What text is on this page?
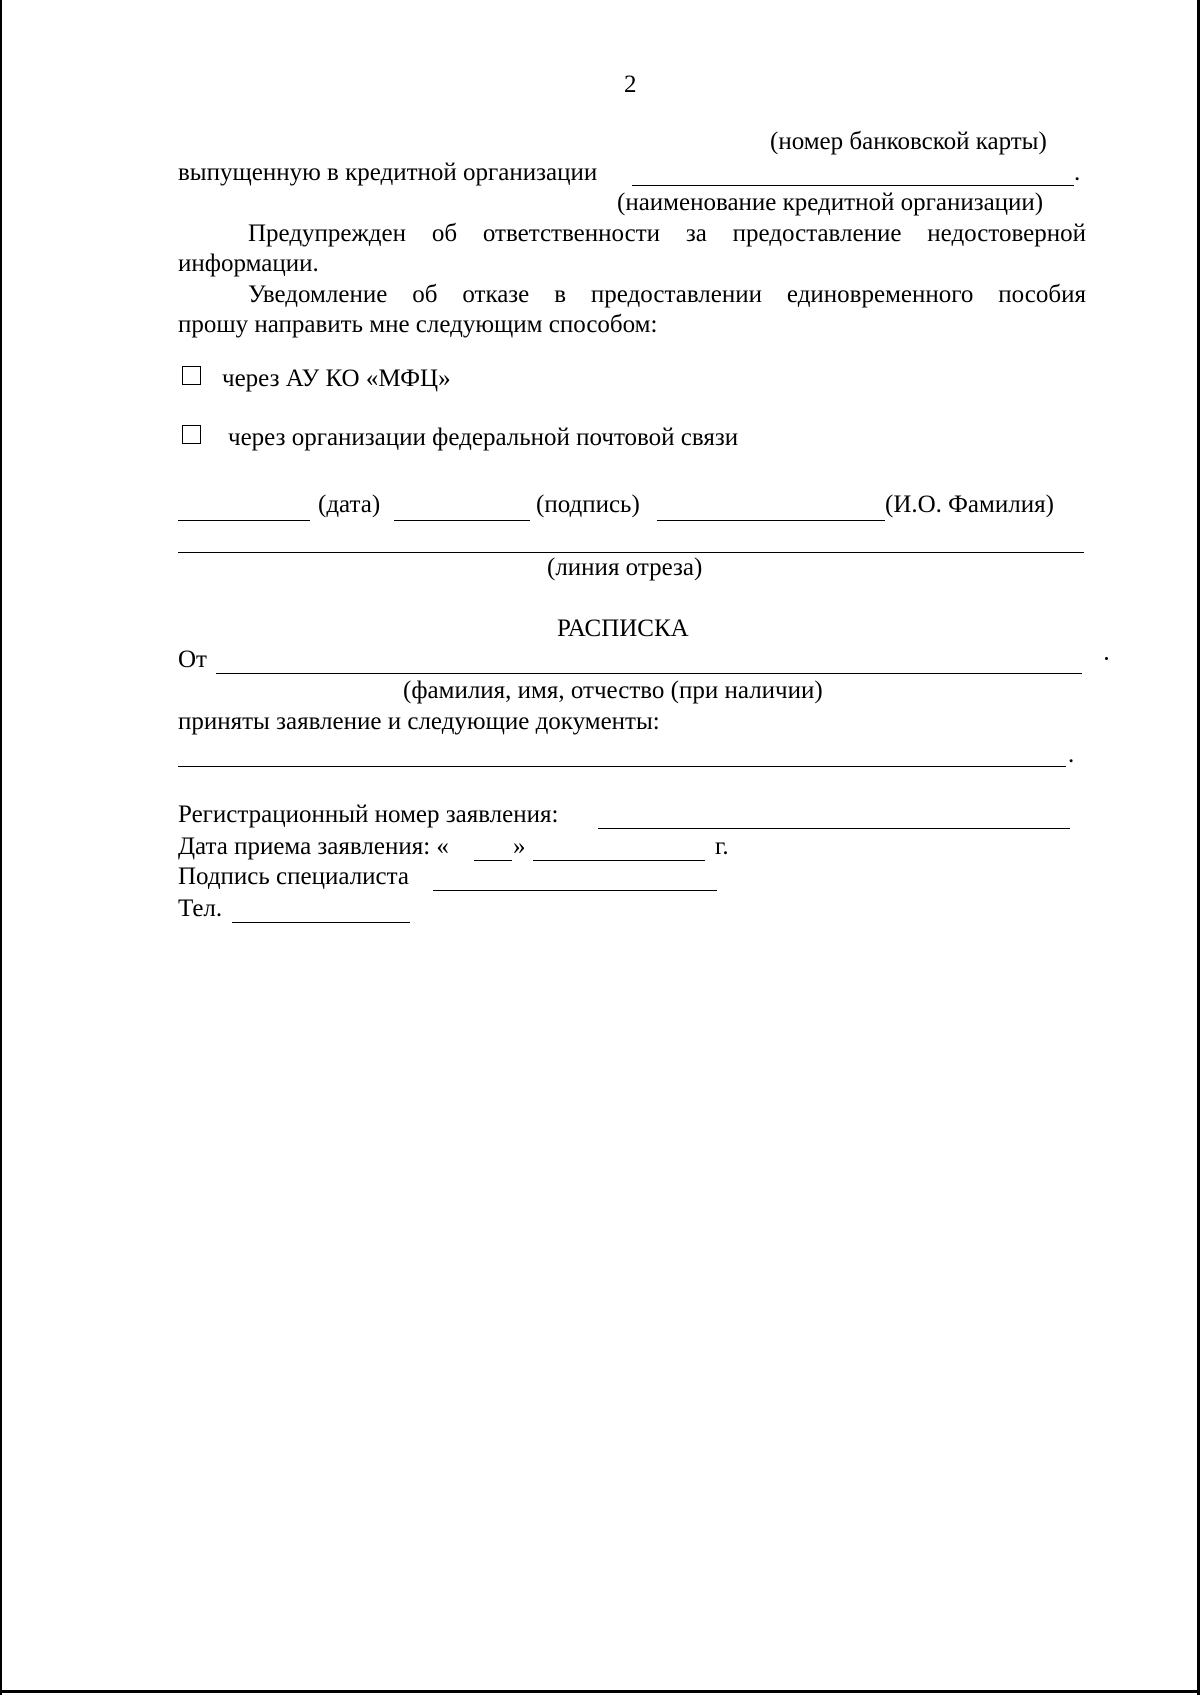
2
(номер банковской карты)
выпущенную в кредитной организации	.
(наименование кредитной организации)
Предупрежден об ответственности за предоставление недостоверной
информации.
Уведомление об отказе в предоставлении единовременного пособия
прошу направить мне следующим способом:
через АУ КО «МФЦ»
через организации федеральной почтовой связи
(дата)	(подпись)	(И.О. Фамилия)
(линия отреза)
РАСПИСКА
От
(фамилия, имя, отчество (при наличии)
приняты заявление и следующие документы:
.
Регистрационный номер заявления:
Дата приема заявления: «	»	г.
Подпись специалиста
Тел.
